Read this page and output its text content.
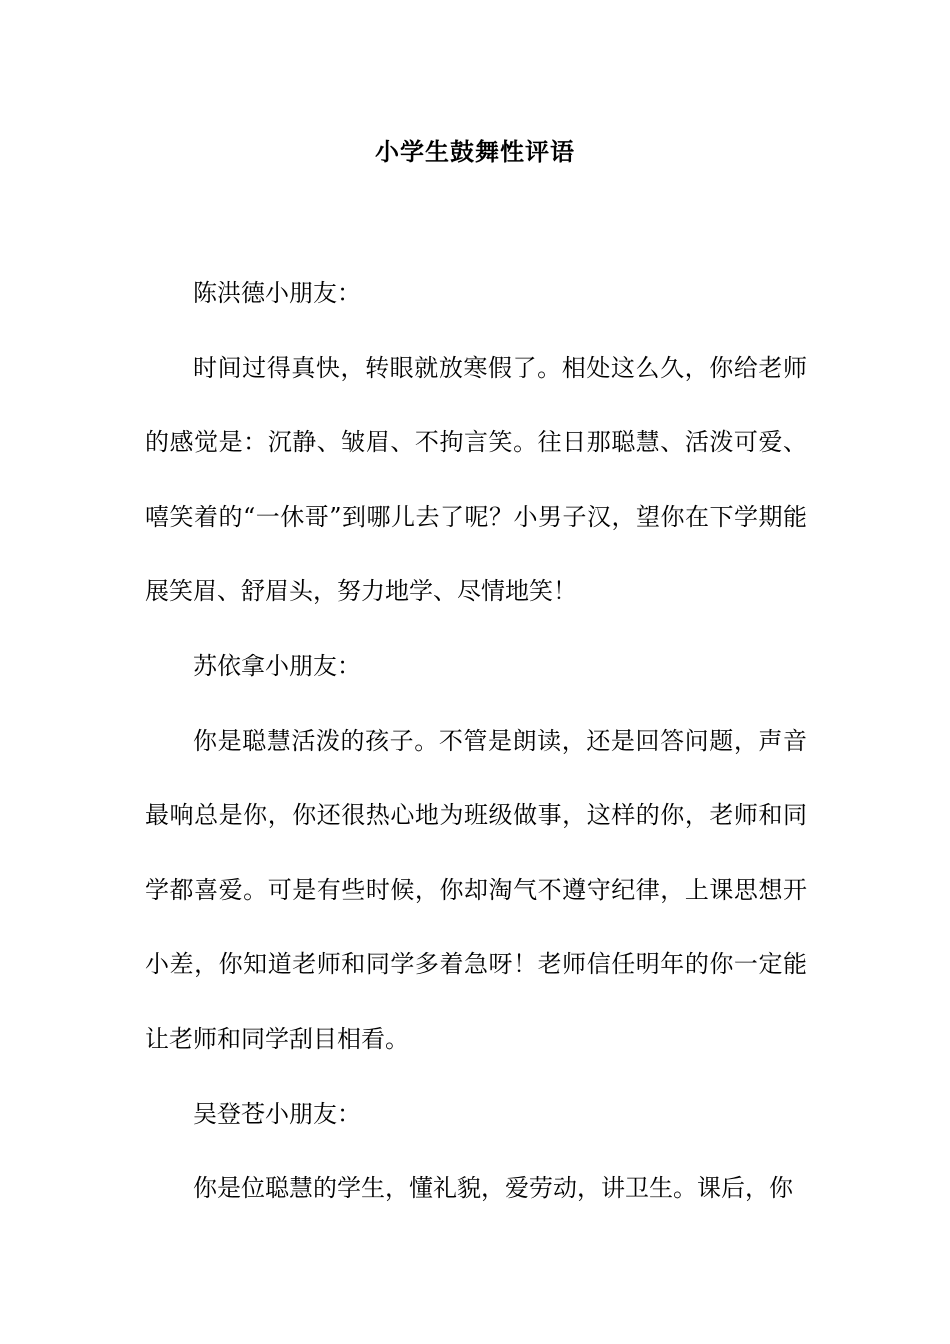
小学生鼓舞性评语

陈洪德小朋友：

时间过得真快，转眼就放寒假了。相处这么久，你给老师的感觉是：沉静、皱眉、不拘言笑。往日那聪慧、活泼可爱、嘻笑着的“一休哥”到哪儿去了呢？小男子汉，望你在下学期能展笑眉、舒眉头，努力地学、尽情地笑！

苏依拿小朋友：

你是聪慧活泼的孩子。不管是朗读，还是回答问题，声音最响总是你，你还很热心地为班级做事，这样的你，老师和同学都喜爱。可是有些时候，你却淘气不遵守纪律，上课思想开小差，你知道老师和同学多着急呀！老师信任明年的你一定能让老师和同学刮目相看。

吴登苍小朋友：

你是位聪慧的学生，懂礼貌，爱劳动，讲卫生。课后，你
